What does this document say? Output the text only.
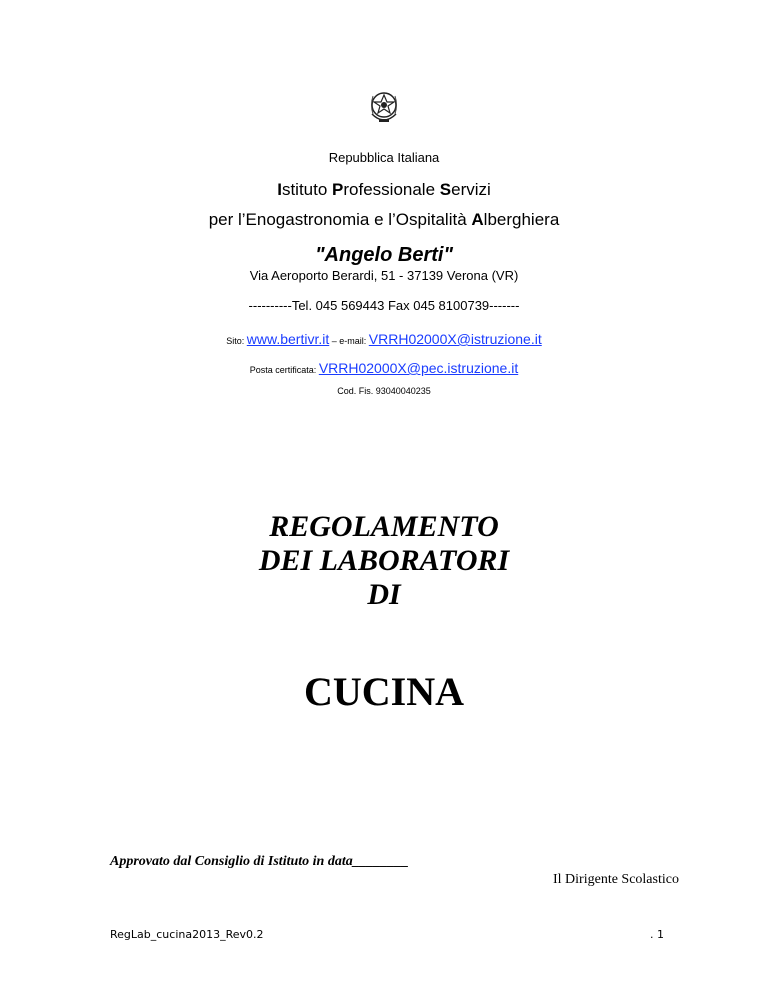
Repubblica Italiana
Istituto Professionale Servizi
per l’Enogastronomia e l’Ospitalità Alberghiera
"Angelo Berti"
Via Aeroporto Berardi, 51 - 37139 Verona (VR)
----------Tel. 045 569443 Fax 045 8100739-------
Sito: www.bertivr.it – e-mail: VRRH02000X@istruzione.it
Posta certificata: VRRH02000X@pec.istruzione.it
Cod. Fis. 93040040235
REGOLAMENTO
DEI LABORATORI
DI
CUCINA
Approvato dal Consiglio di Istituto in data________
Il Dirigente Scolastico
RegLab_cucina2013_Rev0.2	. 1
